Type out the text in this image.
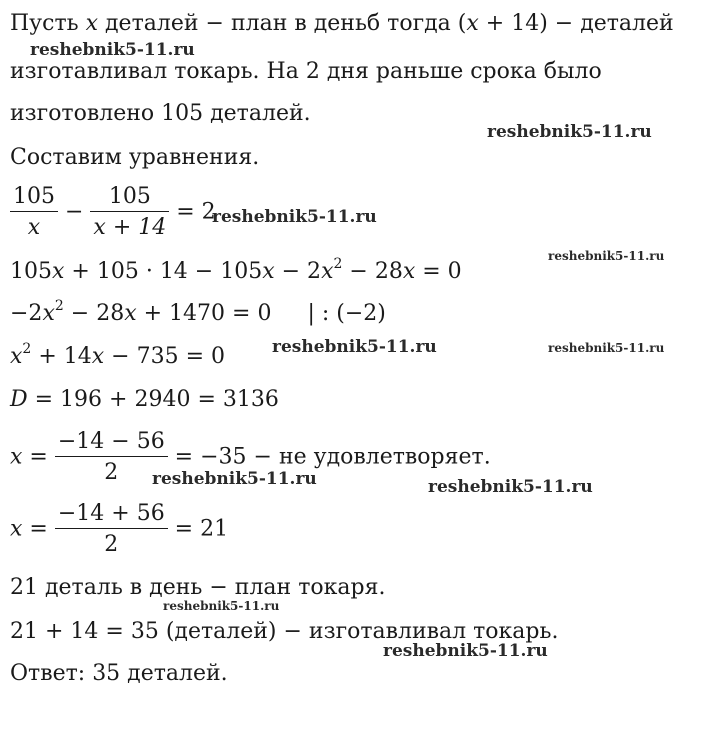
Пусть x деталей − план в деньб тогда (x + 14) − деталей
изготавливал токарь. На 2 дня раньше срока было
изготовлено 105 деталей.
Составим уравнения.
$\frac{105}{x} - \frac{105}{x + 14} = 2$
$105x + 105 \cdot 14 - 105x - 2x^2 - 28x = 0$
$-2x^2 - 28x + 1470 = 0$ | : (−2)
$x^2 + 14x - 735 = 0$
D = 196 + 2940 = 3136
$x = \frac{-14 - 56}{2} = -35$ − не удовлетворяет.
$x = \frac{-14 + 56}{2} = 21$
21 деталь в день − план токаря.
21 + 14 = 35 (деталей) − изготавливал токарь.
Ответ: 35 деталей.
reshebnik5-11.ru
reshebnik5-11.ru
reshebnik5-11.ru
reshebnik5-11.ru
reshebnik5-11.ru	reshebnik5-11.ru
reshebnik5-11.ru	reshebnik5-11.ru
reshebnik5-11.ru
reshebnik5-11.ru
